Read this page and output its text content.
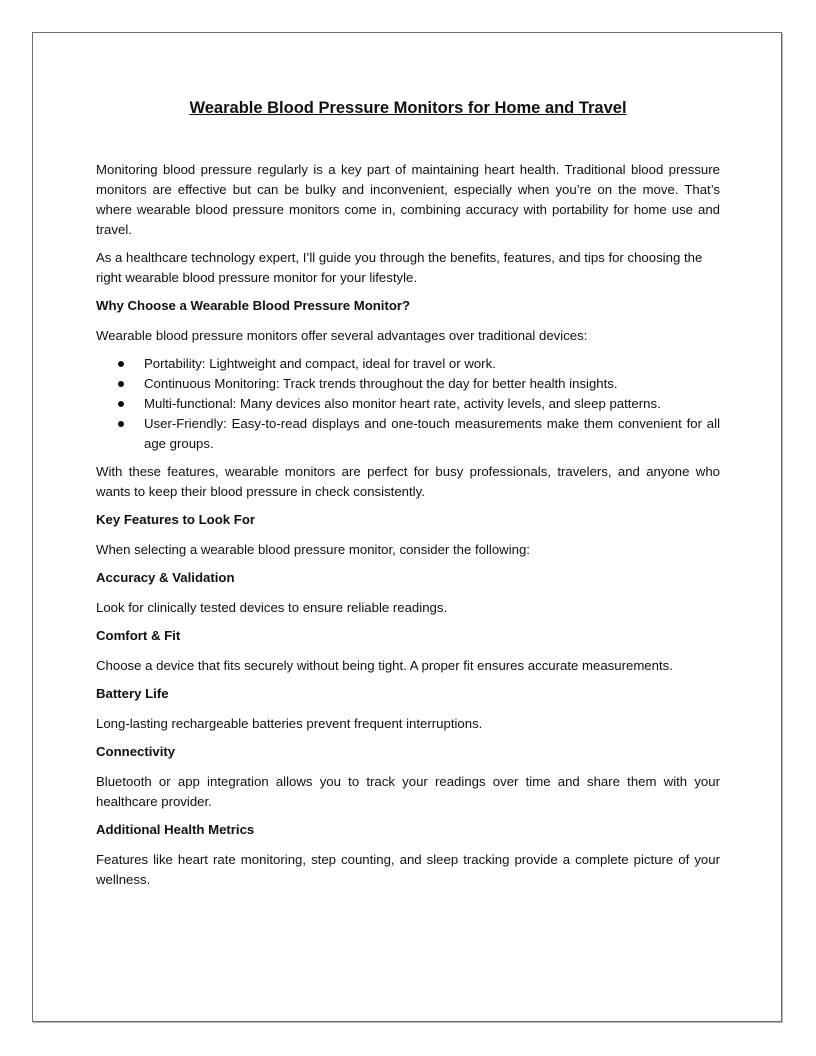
Wearable Blood Pressure Monitors for Home and Travel

Monitoring blood pressure regularly is a key part of maintaining heart health. Traditional blood pressure monitors are effective but can be bulky and inconvenient, especially when you’re on the move. That’s where wearable blood pressure monitors come in, combining accuracy with portability for home use and travel.

As a healthcare technology expert, I’ll guide you through the benefits, features, and tips for choosing the right wearable blood pressure monitor for your lifestyle.

Why Choose a Wearable Blood Pressure Monitor?

Wearable blood pressure monitors offer several advantages over traditional devices:

Portability: Lightweight and compact, ideal for travel or work.
Continuous Monitoring: Track trends throughout the day for better health insights.
Multi-functional: Many devices also monitor heart rate, activity levels, and sleep patterns.
User-Friendly: Easy-to-read displays and one-touch measurements make them convenient for all age groups.

With these features, wearable monitors are perfect for busy professionals, travelers, and anyone who wants to keep their blood pressure in check consistently.

Key Features to Look For

When selecting a wearable blood pressure monitor, consider the following:

Accuracy & Validation

Look for clinically tested devices to ensure reliable readings.

Comfort & Fit

Choose a device that fits securely without being tight. A proper fit ensures accurate measurements.

Battery Life

Long-lasting rechargeable batteries prevent frequent interruptions.

Connectivity

Bluetooth or app integration allows you to track your readings over time and share them with your healthcare provider.

Additional Health Metrics

Features like heart rate monitoring, step counting, and sleep tracking provide a complete picture of your wellness.
